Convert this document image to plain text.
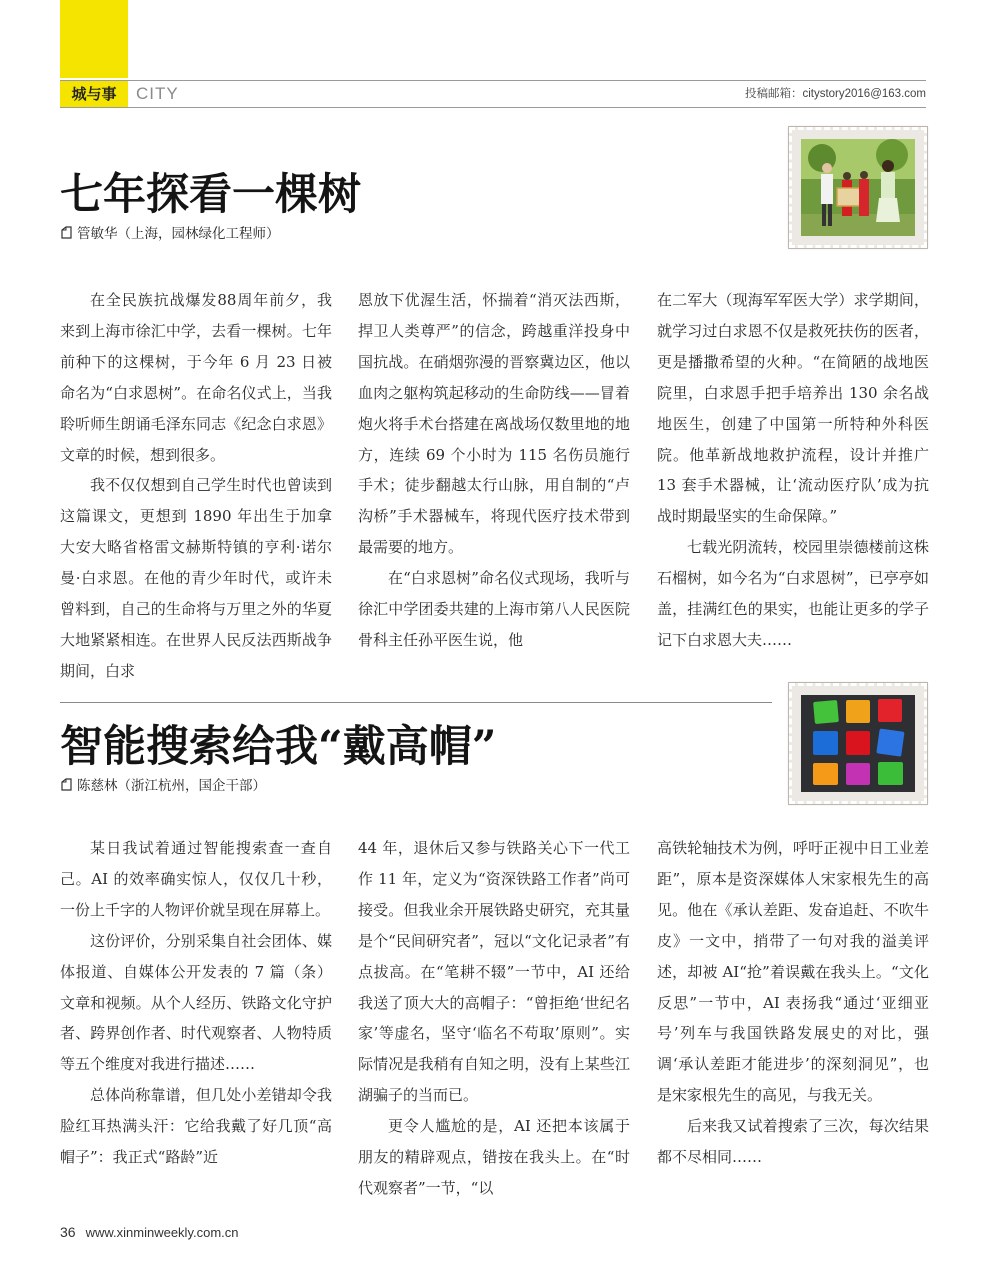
城与事	CITY	投稿邮箱：citystory2016@163.com
七年探看一棵树
管敏华（上海，园林绿化工程师）

在全民族抗战爆发88周年前夕，我来到上海市徐汇中学，去看一棵树。七年前种下的这棵树，于今年 6 月 23 日被命名为“白求恩树”。在命名仪式上，当我聆听师生朗诵毛泽东同志《纪念白求恩》文章的时候，想到很多。

我不仅仅想到自己学生时代也曾读到这篇课文，更想到 1890 年出生于加拿大安大略省格雷文赫斯特镇的亨利·诺尔曼·白求恩。在他的青少年时代，或许未曾料到，自己的生命将与万里之外的华夏大地紧紧相连。在世界人民反法西斯战争期间，白求

恩放下优渥生活，怀揣着“消灭法西斯，捍卫人类尊严”的信念，跨越重洋投身中国抗战。在硝烟弥漫的晋察冀边区，他以血肉之躯构筑起移动的生命防线——冒着炮火将手术台搭建在离战场仅数里地的地方，连续 69 个小时为 115 名伤员施行手术；徒步翻越太行山脉，用自制的“卢沟桥”手术器械车，将现代医疗技术带到最需要的地方。

在“白求恩树”命名仪式现场，我听与徐汇中学团委共建的上海市第八人民医院骨科主任孙平医生说，他

在二军大（现海军军医大学）求学期间，就学习过白求恩不仅是救死扶伤的医者，更是播撒希望的火种。“在简陋的战地医院里，白求恩手把手培养出 130 余名战地医生，创建了中国第一所特种外科医院。他革新战地救护流程，设计并推广 13 套手术器械，让‘流动医疗队’成为抗战时期最坚实的生命保障。”

七载光阴流转，校园里崇德楼前这株石榴树，如今名为“白求恩树”，已亭亭如盖，挂满红色的果实，也能让更多的学子记下白求恩大夫……

智能搜索给我“戴高帽”
陈慈林（浙江杭州，国企干部）

某日我试着通过智能搜索查一查自己。AI 的效率确实惊人，仅仅几十秒，一份上千字的人物评价就呈现在屏幕上。

这份评价，分别采集自社会团体、媒体报道、自媒体公开发表的 7 篇（条）文章和视频。从个人经历、铁路文化守护者、跨界创作者、时代观察者、人物特质等五个维度对我进行描述……

总体尚称靠谱，但几处小差错却令我脸红耳热满头汗：它给我戴了好几顶“高帽子”：我正式“路龄”近

44 年，退休后又参与铁路关心下一代工作 11 年，定义为“资深铁路工作者”尚可接受。但我业余开展铁路史研究，充其量是个“民间研究者”，冠以“文化记录者”有点拔高。在“笔耕不辍”一节中，AI 还给我送了顶大大的高帽子：“曾拒绝‘世纪名家’等虚名，坚守‘临名不苟取’原则”。实际情况是我稍有自知之明，没有上某些江湖骗子的当而已。

更令人尴尬的是，AI 还把本该属于朋友的精辟观点，错按在我头上。在“时代观察者”一节，“以

高铁轮轴技术为例，呼吁正视中日工业差距”，原本是资深媒体人宋家根先生的高见。他在《承认差距、发奋追赶、不吹牛皮》一文中，捎带了一句对我的溢美评述，却被 AI“抢”着误戴在我头上。“文化反思”一节中，AI 表扬我“通过‘亚细亚号’列车与我国铁路发展史的对比，强调‘承认差距才能进步’的深刻洞见”，也是宋家根先生的高见，与我无关。

后来我又试着搜索了三次，每次结果都不尽相同……

36 www.xinminweekly.com.cn
